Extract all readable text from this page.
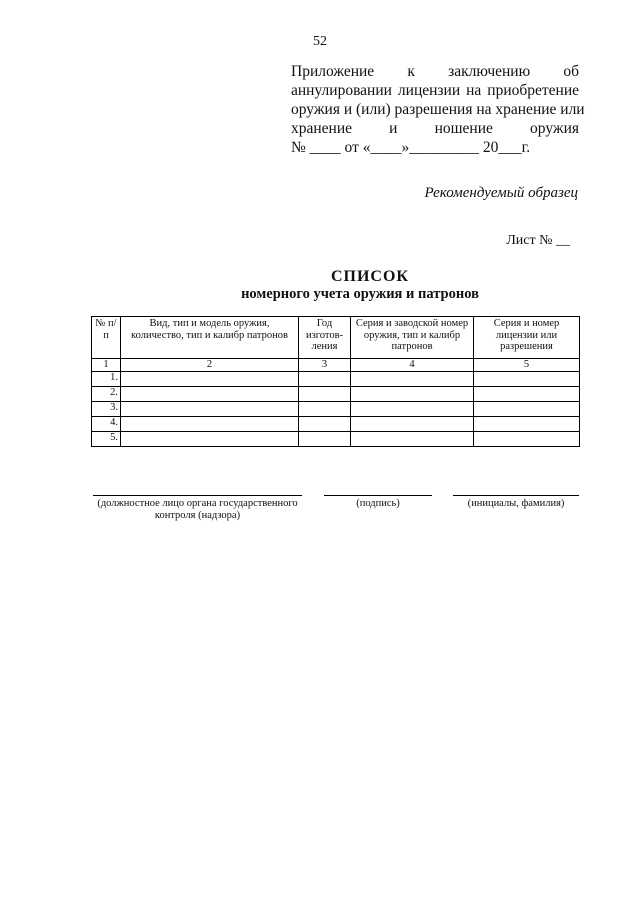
52
Приложение к заключению об
аннулировании лицензии на приобретение
оружия и (или) разрешения на хранение или
хранение и ношение оружия
№ ____ от «____»_________ 20___г.
Рекомендуемый образец
Лист № __
СПИСОК
номерного учета оружия и патронов
№ п/п	Вид, тип и модель оружия, количество, тип и калибр патронов	Год изготов-ления	Серия и заводской номер оружия, тип и калибр патронов	Серия и номер лицензии или разрешения
1	2	3	4	5
1.				
2.				
3.				
4.				
5.				
(должностное лицо органа государственного контроля (надзора)
(подпись)	(инициалы, фамилия)
